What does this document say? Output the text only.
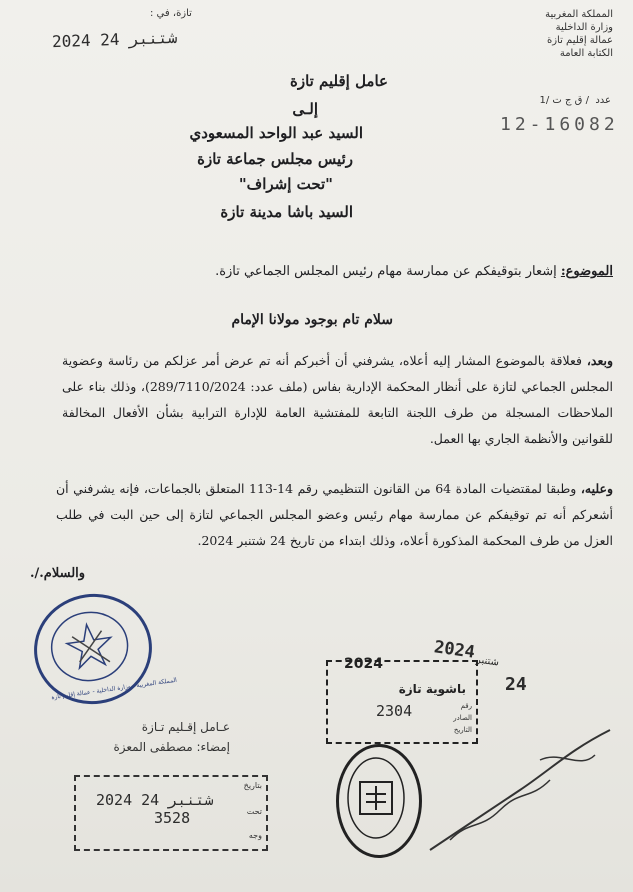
المملكة المغربية
وزارة الداخلية
عمالة إقليم تازة
الكتابة العامة
عدد  / ق ج ت /1
12-16082
تازة، في :
2024 شتنبر 24
عامل إقليم تازة
إلـى
السيد عبد الواحد المسعودي
رئيس مجلس جماعة تازة
"تحت إشراف"
السيد باشا مدينة تازة
الموضوع: إشعار بتوقيفكم عن ممارسة مهام رئيس المجلس الجماعي تازة.
سلام تام بوجود مولانا الإمام
وبعد، فعلاقة بالموضوع المشار إليه أعلاه، يشرفني أن أخبركم أنه تم عرض أمر عزلكم من رئاسة وعضوية المجلس الجماعي لتازة على أنظار المحكمة الإدارية بفاس (ملف عدد: 289/7110/2024)، وذلك بناء على الملاحظات المسجلة من طرف اللجنة التابعة للمفتشية العامة للإدارة الترابية بشأن الأفعال المخالفة للقوانين والأنظمة الجاري بها العمل.
وعليه، وطبقا لمقتضيات المادة 64 من القانون التنظيمي رقم 14-113 المتعلق بالجماعات، فإنه يشرفني أن أشعركم أنه تم توقيفكم عن ممارسة مهام رئيس وعضو المجلس الجماعي لتازة إلى حين البت في طلب العزل من طرف المحكمة المذكورة أعلاه، وذلك ابتداء من تاريخ 24 شتنبر 2024.
والسلام./.
المملكة المغربية - وزارة الداخلية - عمالة إقليم تازة
عـامل إقـليم تـازة
إمضاء: مصطفى المعزة
بتاريخ
تحت
وجه
2024 شتنبر 24
3528
2024
باشوية تازة
رقم
الصادر
التاريخ
2304
2024 شتنبر
24
